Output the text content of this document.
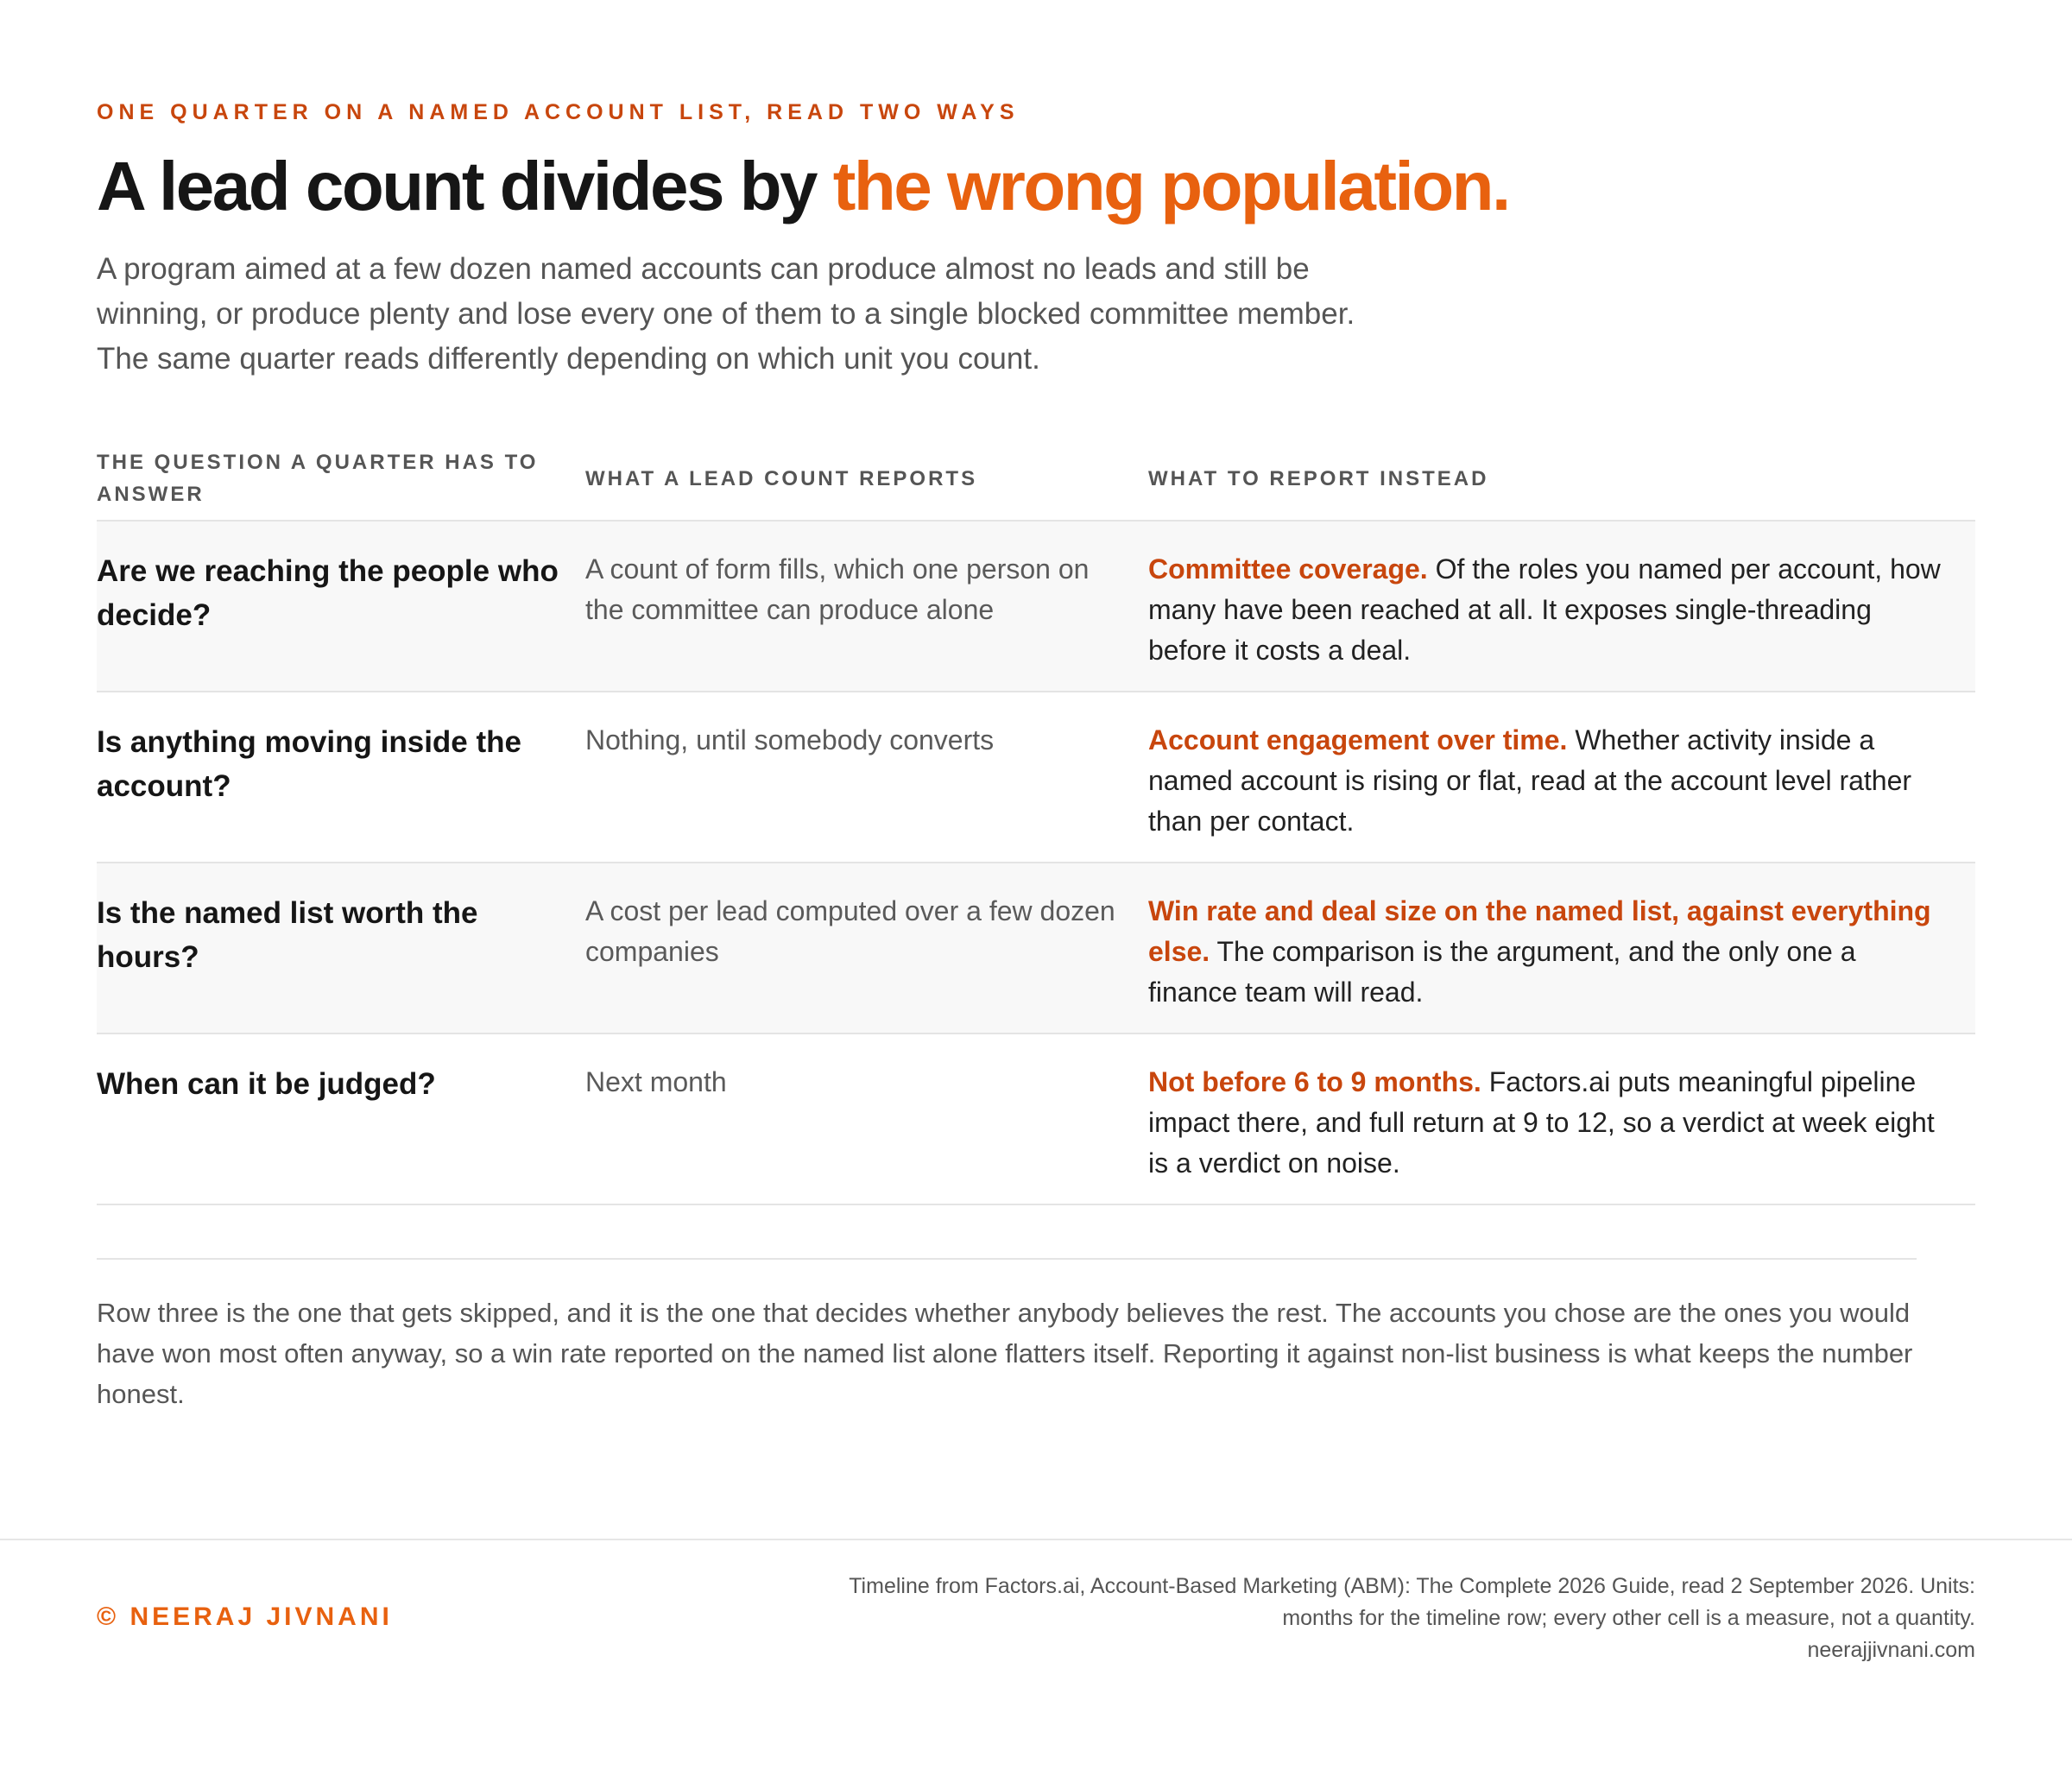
ONE QUARTER ON A NAMED ACCOUNT LIST, READ TWO WAYS
A lead count divides by the wrong population.

A program aimed at a few dozen named accounts can produce almost no leads and still be winning, or produce plenty and lose every one of them to a single blocked committee member. The same quarter reads differently depending on which unit you count.

THE QUESTION A QUARTER HAS TO ANSWER	WHAT A LEAD COUNT REPORTS	WHAT TO REPORT INSTEAD

Are we reaching the people who decide?	A count of form fills, which one person on the committee can produce alone	Committee coverage. Of the roles you named per account, how many have been reached at all. It exposes single-threading before it costs a deal.

Is anything moving inside the account?	Nothing, until somebody converts	Account engagement over time. Whether activity inside a named account is rising or flat, read at the account level rather than per contact.

Is the named list worth the hours?	A cost per lead computed over a few dozen companies	Win rate and deal size on the named list, against everything else. The comparison is the argument, and the only one a finance team will read.

When can it be judged?	Next month	Not before 6 to 9 months. Factors.ai puts meaningful pipeline impact there, and full return at 9 to 12, so a verdict at week eight is a verdict on noise.

Row three is the one that gets skipped, and it is the one that decides whether anybody believes the rest. The accounts you chose are the ones you would have won most often anyway, so a win rate reported on the named list alone flatters itself. Reporting it against non-list business is what keeps the number honest.

© NEERAJ JIVNANI
Timeline from Factors.ai, Account-Based Marketing (ABM): The Complete 2026 Guide, read 2 September 2026. Units:
months for the timeline row; every other cell is a measure, not a quantity.
neerajjivnani.com
